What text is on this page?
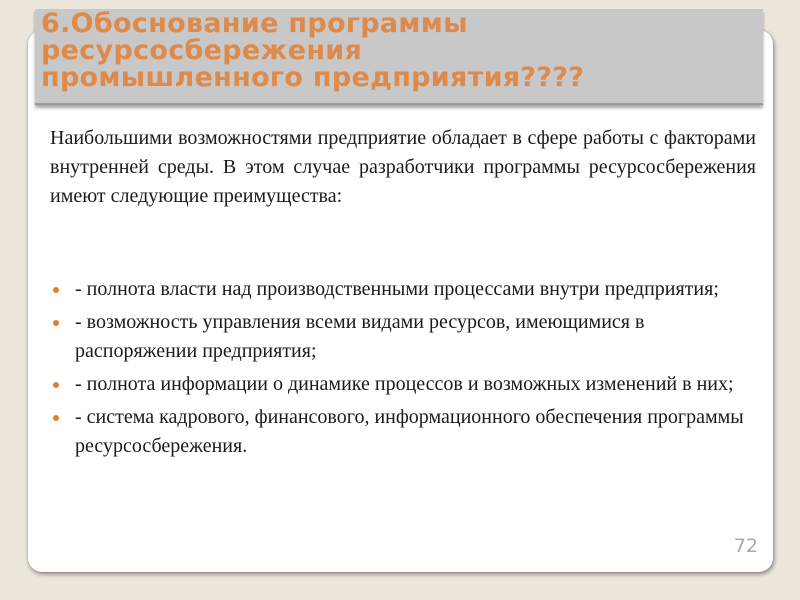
6.Обоснование программы
ресурсосбережения
промышленного предприятия????

Наибольшими возможностями предприятие обладает в сфере работы с факторами внутренней среды. В этом случае разработчики программы ресурсосбережения имеют следующие преимущества:

- полнота власти над производственными процессами внутри предприятия;
- возможность управления всеми видами ресурсов, имеющимися в распоряжении предприятия;
- полнота информации о динамике процессов и возможных изменений в них;
- система кадрового, финансового, информационного обеспечения программы ресурсосбережения.
72
